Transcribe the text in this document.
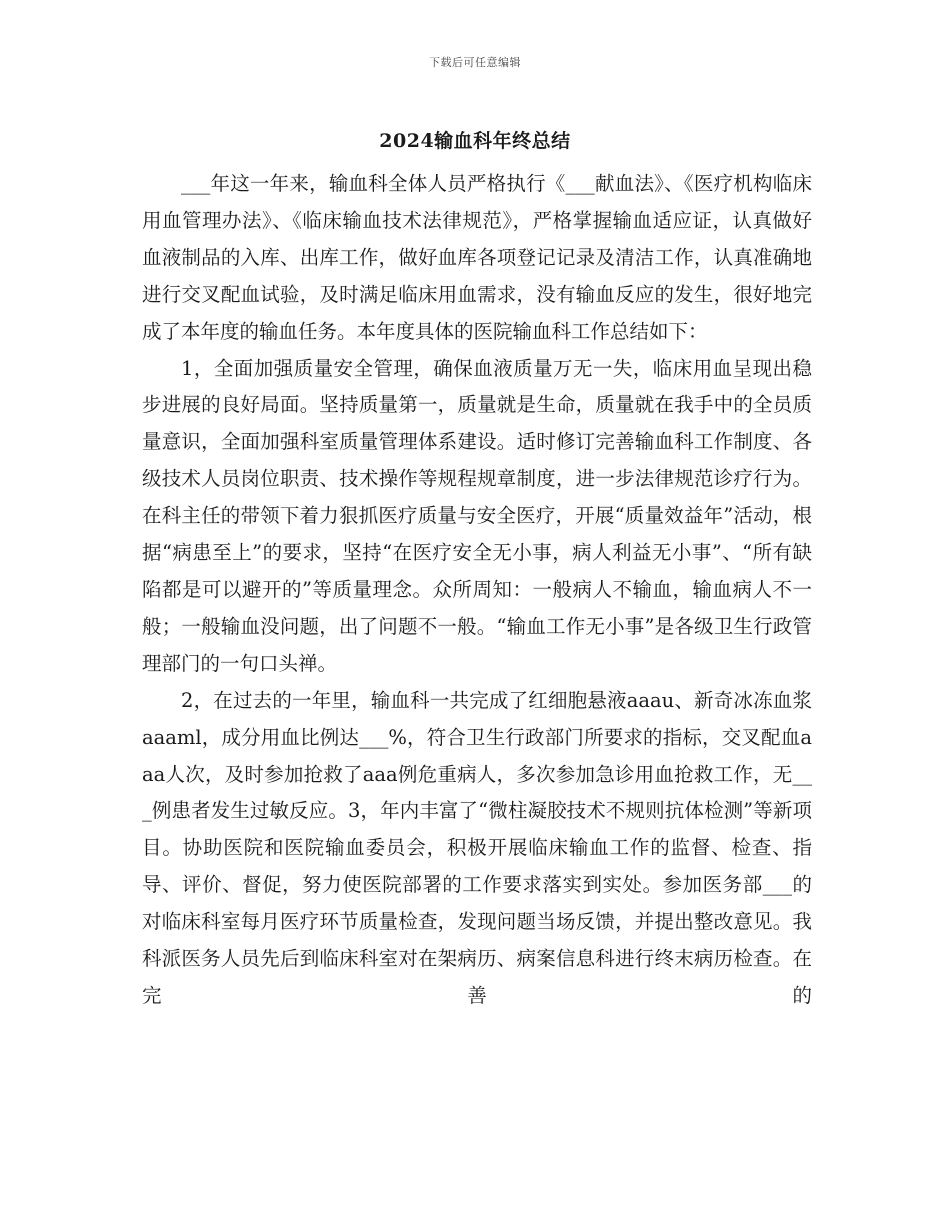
下载后可任意编辑
2024输血科年终总结

___年这一年来，输血科全体人员严格执行《___献血法》、《医疗机构临床用血管理办法》、《临床输血技术法律规范》，严格掌握输血适应证，认真做好血液制品的入库、出库工作，做好血库各项登记记录及清洁工作，认真准确地进行交叉配血试验，及时满足临床用血需求，没有输血反应的发生，很好地完成了本年度的输血任务。本年度具体的医院输血科工作总结如下：

1，全面加强质量安全管理，确保血液质量万无一失，临床用血呈现出稳步进展的良好局面。坚持质量第一，质量就是生命，质量就在我手中的全员质量意识，全面加强科室质量管理体系建设。适时修订完善输血科工作制度、各级技术人员岗位职责、技术操作等规程规章制度，进一步法律规范诊疗行为。在科主任的带领下着力狠抓医疗质量与安全医疗，开展“质量效益年”活动，根据“病患至上”的要求，坚持“在医疗安全无小事，病人利益无小事”、“所有缺陷都是可以避开的”等质量理念。众所周知：一般病人不输血，输血病人不一般；一般输血没问题，出了问题不一般。“输血工作无小事”是各级卫生行政管理部门的一句口头禅。

2，在过去的一年里，输血科一共完成了红细胞悬液aaau、新奇冰冻血浆aaaml，成分用血比例达___%，符合卫生行政部门所要求的指标，交叉配血aaa人次，及时参加抢救了aaa例危重病人，多次参加急诊用血抢救工作，无___例患者发生过敏反应。3，年内丰富了“微柱凝胶技术不规则抗体检测”等新项目。协助医院和医院输血委员会，积极开展临床输血工作的监督、检查、指导、评价、督促，努力使医院部署的工作要求落实到实处。参加医务部___的对临床科室每月医疗环节质量检查，发现问题当场反馈，并提出整改意见。我科派医务人员先后到临床科室对在架病历、病案信息科进行终末病历检查。在完善的
